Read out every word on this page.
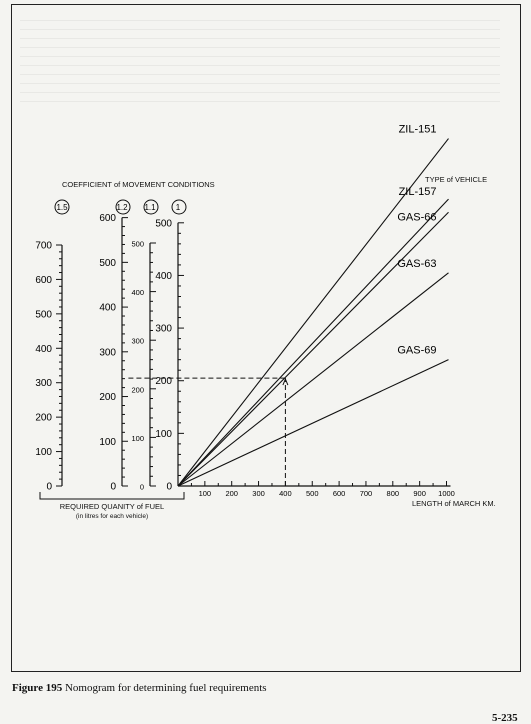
COEFFICIENT of MOVEMENT CONDITIONS
TYPE of VEHICLE
REQUIRED QUANITY of FUEL
(in litres for each vehicle)
LENGTH of MARCH KM.
1.5
0
100
200
300
400
500
600
700
1.2
0
100
200
300
400
500
600
1.1
0
100
200
300
400
500
1
0
100
200
300
400
500
100 200 300 400 500 600 700 800 900 1000
ZIL-151
ZIL-157
GAS-66
GAS-63
GAS-69
Figure 195 Nomogram for determining fuel requirements
5-235
